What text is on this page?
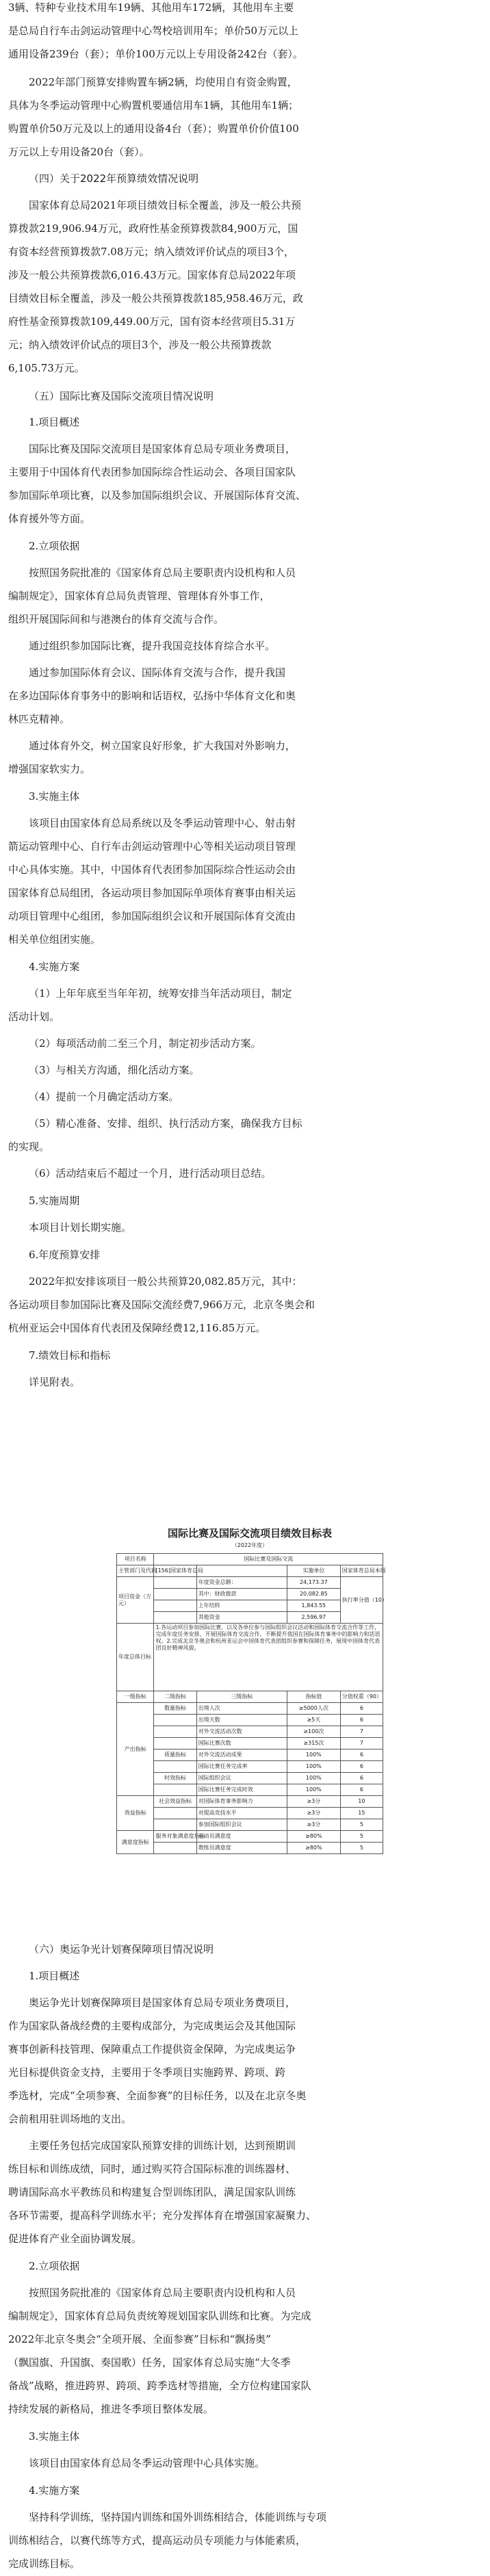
3辆、特种专业技术用车19辆、其他用车172辆，其他用车主要

是总局自行车击剑运动管理中心驾校培训用车；单价50万元以上

通用设备239台（套）；单价100万元以上专用设备242台（套）。

2022年部门预算安排购置车辆2辆，均使用自有资金购置，

具体为冬季运动管理中心购置机要通信用车1辆，其他用车1辆；

购置单价50万元及以上的通用设备4台（套）；购置单价价值100

万元以上专用设备20台（套）。

（四）关于2022年预算绩效情况说明

国家体育总局2021年项目绩效目标全覆盖，涉及一般公共预

算拨款219,906.94万元，政府性基金预算拨款84,900万元，国

有资本经营预算拨款7.08万元；纳入绩效评价试点的项目3个，

涉及一般公共预算拨款6,016.43万元。国家体育总局2022年项

目绩效目标全覆盖，涉及一般公共预算拨款185,958.46万元，政

府性基金预算拨款109,449.00万元，国有资本经营项目5.31万

元；纳入绩效评价试点的项目3个，涉及一般公共预算拨款

6,105.73万元。

（五）国际比赛及国际交流项目情况说明

1.项目概述

国际比赛及国际交流项目是国家体育总局专项业务费项目，

主要用于中国体育代表团参加国际综合性运动会、各项目国家队

参加国际单项比赛，以及参加国际组织会议、开展国际体育交流、

体育援外等方面。

2.立项依据

按照国务院批准的《国家体育总局主要职责内设机构和人员

编制规定》，国家体育总局负责管理、管理体育外事工作，

组织开展国际间和与港澳台的体育交流与合作。

通过组织参加国际比赛，提升我国竞技体育综合水平。

通过参加国际体育会议、国际体育交流与合作，提升我国

在多边国际体育事务中的影响和话语权，弘扬中华体育文化和奥

林匹克精神。

通过体育外交，树立国家良好形象，扩大我国对外影响力，

增强国家软实力。

3.实施主体

该项目由国家体育总局系统以及冬季运动管理中心、射击射

箭运动管理中心、自行车击剑运动管理中心等相关运动项目管理

中心具体实施。其中，中国体育代表团参加国际综合性运动会由

国家体育总局组团，各运动项目参加国际单项体育赛事由相关运

动项目管理中心组团，参加国际组织会议和开展国际体育交流由

相关单位组团实施。

4.实施方案

（1）上年年底至当年年初，统筹安排当年活动项目，制定

活动计划。

（2）每项活动前二至三个月，制定初步活动方案。

（3）与相关方沟通，细化活动方案。

（4）提前一个月确定活动方案。

（5）精心准备、安排、组织、执行活动方案，确保我方目标

的实现。

（6）活动结束后不超过一个月，进行活动项目总结。

5.实施周期

本项目计划长期实施。

6.年度预算安排

2022年拟安排该项目一般公共预算20,082.85万元，其中：

各运动项目参加国际比赛及国际交流经费7,966万元，北京冬奥会和

杭州亚运会中国体育代表团及保障经费12,116.85万元。

7.绩效目标和指标

详见附表。

（六）奥运争光计划赛保障项目情况说明

1.项目概述

奥运争光计划赛保障项目是国家体育总局专项业务费项目，

作为国家队备战经费的主要构成部分，为完成奥运会及其他国际

赛事创新科技管理、保障重点工作提供资金保障，为完成奥运争

光目标提供资金支持，主要用于冬季项目实施跨界、跨项、跨

季选材，完成“全项参赛、全面参赛”的目标任务，以及在北京冬奥

会前租用驻训场地的支出。

主要任务包括完成国家队预算安排的训练计划，达到预期训

练目标和训练成绩，同时，通过购买符合国际标准的训练器材、

聘请国际高水平教练员和构建复合型训练团队，满足国家队训练

各环节需要，提高科学训练水平；充分发挥体育在增强国家凝聚力、

促进体育产业全面协调发展。

2.立项依据

按照国务院批准的《国家体育总局主要职责内设机构和人员

编制规定》，国家体育总局负责统筹规划国家队训练和比赛。为完成

2022年北京冬奥会“全项开展、全面参赛”目标和“飘扬奥”

（飘国旗、升国旗、奏国歌）任务，国家体育总局实施“大冬季

备战”战略，推进跨界、跨项、跨季选材等措施，全方位构建国家队

持续发展的新格局，推进冬季项目整体发展。

3.实施主体

该项目由国家体育总局冬季运动管理中心具体实施。

4.实施方案

坚持科学训练，坚持国内训练和国外训练相结合，体能训练与专项

训练相结合，以赛代练等方式，提高运动员专项能力与体能素质，

完成训练目标。

国际比赛及国际交流项目绩效目标表
（2022年度）
项目名称	国际比赛及国际交流			
主管部门及代码	[156]国家体育总局		实施单位	国家体育总局本级
项目资金（万元）		年度资金总额：	24,173.37	执行率分值（10）
		其中：财政拨款	20,082.85	
		上年结转	1,843.55	
		其他资金	2,596.97	
年度总体目标	1.各运动项目参加国际比赛，以及各单位参与国际组织会议活动和国际体育交流合作等工作，完成年度任务安排，开展国际体育交流合作，不断提升我国在国际体育事务中的影响力和话语权。2.完成北京冬奥会和杭州亚运会中国体育代表团组织参赛和保障任务，展现中国体育代表团良好精神风貌。			
一级指标	二级指标	三级指标	指标值	分值权重（90）
产出指标	数量指标	出境人次	≥5000人次	6
		出境天数	≥5天	6
		对外交流活动次数	≥100次	7
		国际比赛次数	≥315次	7
	质量指标	对外交流活动成果	100%	6
		国际比赛任务完成率	100%	6
	时效指标	国际组织会议	100%	6
		国际比赛任务完成时效	100%	6
效益指标	社会效益指标	对国际体育事务影响力	≥3分	10
		对提高竞技水平	≥3分	15
		参加国际组织会议	≥3分	5
满意度指标	服务对象满意度指标	运动员满意度	≥80%	5
		教练员满意度	≥80%	5
